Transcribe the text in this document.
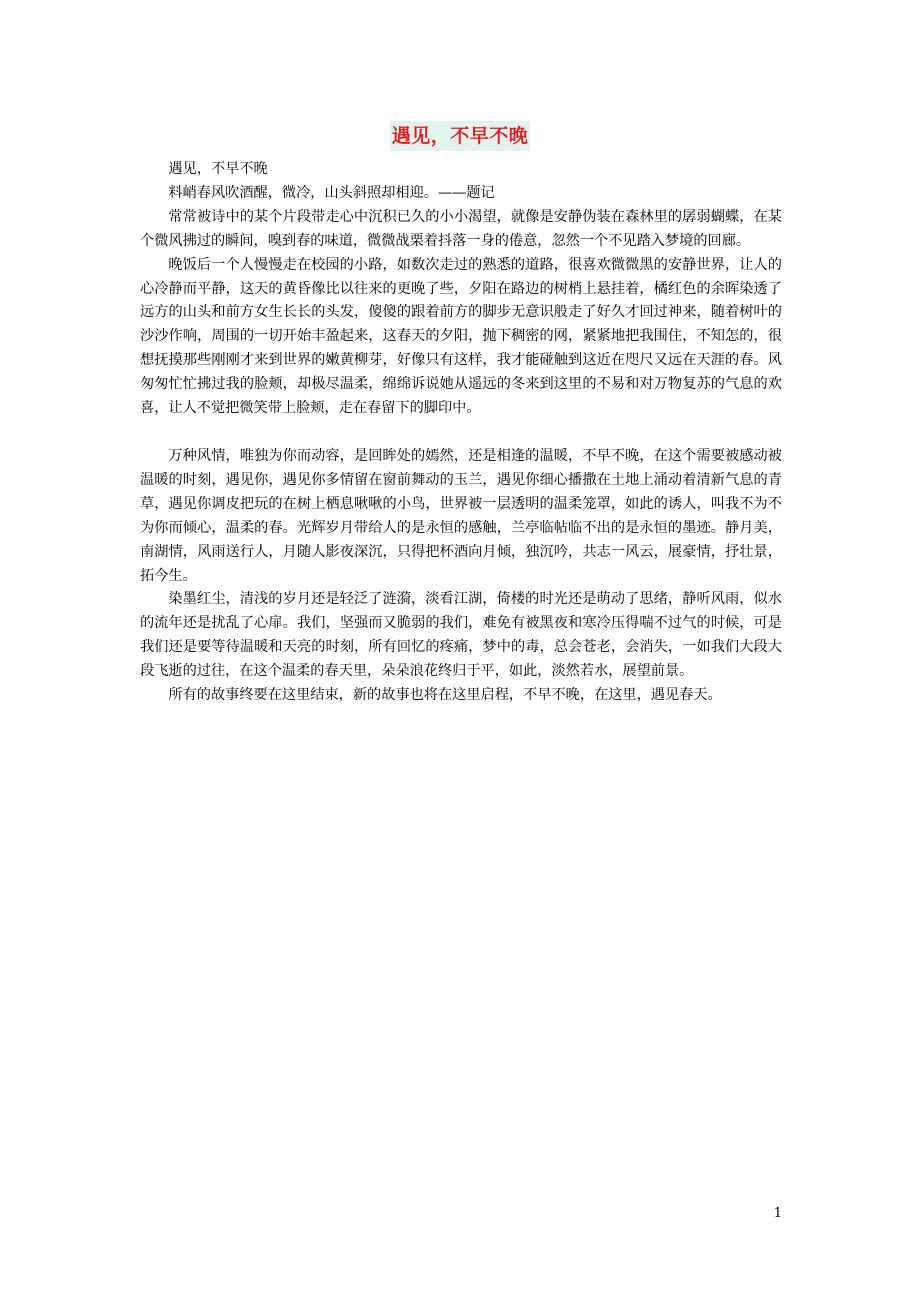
遇见，不早不晚

遇见，不早不晚

料峭春风吹酒醒，微冷，山头斜照却相迎。——题记

常常被诗中的某个片段带走心中沉积已久的小小渴望，就像是安静伪装在森林里的孱弱蝴蝶，在某个微风拂过的瞬间，嗅到春的味道，微微战栗着抖落一身的倦意，忽然一个不见踏入梦境的回廊。

晚饭后一个人慢慢走在校园的小路，如数次走过的熟悉的道路，很喜欢微微黑的安静世界，让人的心冷静而平静，这天的黄昏像比以往来的更晚了些，夕阳在路边的树梢上悬挂着，橘红色的余晖染透了远方的山头和前方女生长长的头发，傻傻的跟着前方的脚步无意识般走了好久才回过神来，随着树叶的沙沙作响，周围的一切开始丰盈起来，这春天的夕阳，抛下稠密的网，紧紧地把我围住，不知怎的，很想抚摸那些刚刚才来到世界的嫩黄柳芽，好像只有这样，我才能碰触到这近在咫尺又远在天涯的春。风匆匆忙忙拂过我的脸颊，却极尽温柔，绵绵诉说她从遥远的冬来到这里的不易和对万物复苏的气息的欢喜，让人不觉把微笑带上脸颊，走在春留下的脚印中。

万种风情，唯独为你而动容，是回眸处的嫣然，还是相逢的温暖，不早不晚，在这个需要被感动被温暖的时刻，遇见你，遇见你多情留在窗前舞动的玉兰，遇见你细心播撒在土地上涌动着清新气息的青草，遇见你调皮把玩的在树上栖息啾啾的小鸟，世界被一层透明的温柔笼罩，如此的诱人，叫我不为不为你而倾心，温柔的春。光辉岁月带给人的是永恒的感触，兰亭临帖临不出的是永恒的墨迹。静月美，南湖情，风雨送行人，月随人影夜深沉，只得把杯酒向月倾，独沉吟，共志一风云，展豪情，抒壮景，拓今生。

染墨红尘，清浅的岁月还是轻泛了涟漪，淡看江湖，倚楼的时光还是萌动了思绪，静听风雨，似水的流年还是扰乱了心扉。我们，坚强而又脆弱的我们，难免有被黑夜和寒冷压得喘不过气的时候，可是我们还是要等待温暖和天亮的时刻，所有回忆的疼痛，梦中的毒，总会苍老，会消失，一如我们大段大段飞逝的过往，在这个温柔的春天里，朵朵浪花终归于平，如此，淡然若水，展望前景。

所有的故事终要在这里结束，新的故事也将在这里启程，不早不晚，在这里，遇见春天。

1
